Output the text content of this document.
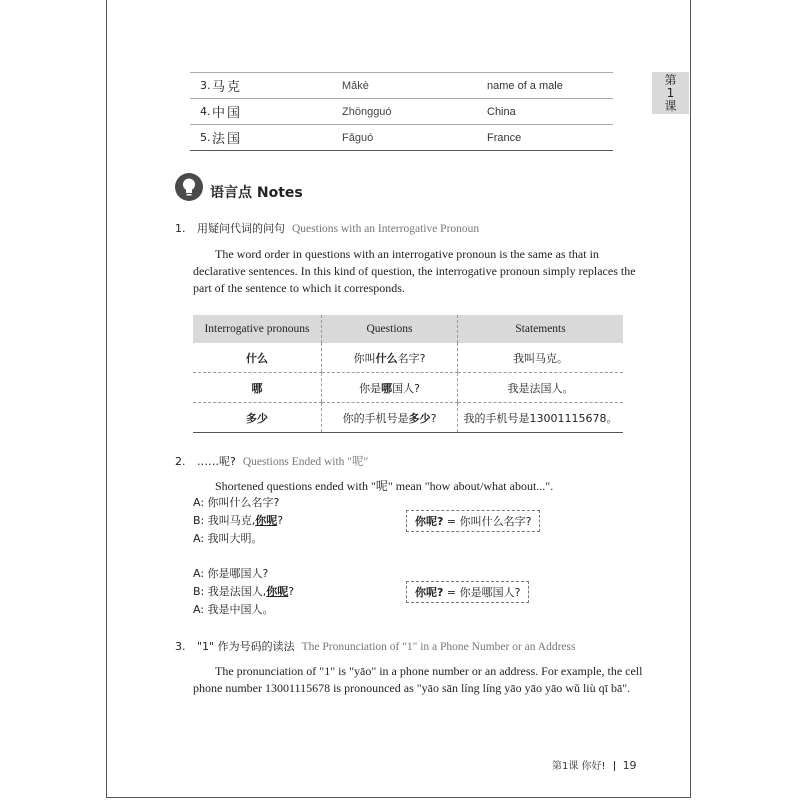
第
1
课
3.	马克	Mǎkè	name of a male
4.	中国	Zhōngguó	China
5.	法国	Fǎguó	France
语言点 Notes
1. 用疑问代词的问句 Questions with an Interrogative Pronoun
The word order in questions with an interrogative pronoun is the same as that in
declarative sentences. In this kind of question, the interrogative pronoun simply replaces the
part of the sentence to which it corresponds.
Interrogative pronouns	Questions	Statements
什么	你叫什么名字?	我叫马克。
哪	你是哪国人?	我是法国人。
多少	你的手机号是多少?	我的手机号是13001115678。
2. ……呢? Questions Ended with "呢"
Shortened questions ended with "呢" mean "how about/what about...".
A: 你叫什么名字?
B: 我叫马克,你呢?
A: 我叫大明。
你呢? = 你叫什么名字?
A: 你是哪国人?
B: 我是法国人,你呢?
A: 我是中国人。
你呢? = 你是哪国人?
3. "1" 作为号码的读法 The Pronunciation of "1" in a Phone Number or an Address
The pronunciation of "1" is "yāo" in a phone number or an address. For example, the cell
phone number 13001115678 is pronounced as "yāo sān líng líng yāo yāo yāo wǔ liù qī bā".
第1课 你好! 19
